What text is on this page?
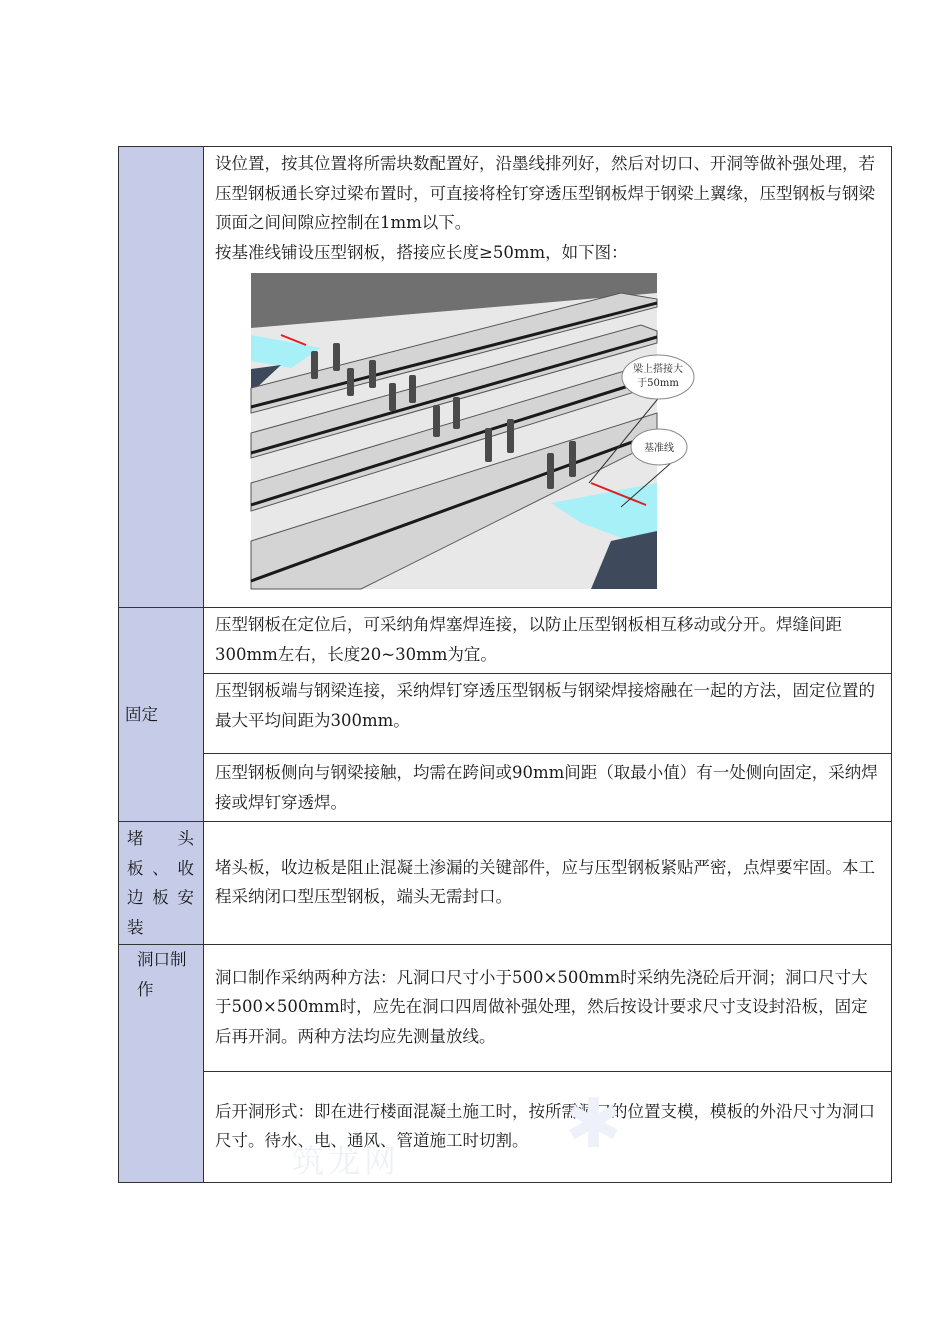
	设位置，按其位置将所需块数配置好，沿墨线排列好，然后对切口、开洞等做补强处理，若压型钢板通长穿过梁布置时，可直接将栓钉穿透压型钢板焊于钢梁上翼缘，压型钢板与钢梁顶面之间间隙应控制在1mm以下。

按基准线铺设压型钢板，搭接应长度≥50mm，如下图：

梁上搭接大
于50mm
基准线

固定	压型钢板在定位后，可采纳角焊塞焊连接，以防止压型钢板相互移动或分开。焊缝间距300mm左右，长度20~30mm为宜。
	压型钢板端与钢梁连接，采纳焊钉穿透压型钢板与钢梁焊接熔融在一起的方法，固定位置的最大平均间距为300mm。
	压型钢板侧向与钢梁接触，均需在跨间或90mm间距（取最小值）有一处侧向固定，采纳焊接或焊钉穿透焊。
堵头板、收边板安装	堵头板，收边板是阻止混凝土渗漏的关键部件，应与压型钢板紧贴严密，点焊要牢固。本工程采纳闭口型压型钢板，端头无需封口。
洞口制作	洞口制作采纳两种方法：凡洞口尺寸小于500×500mm时采纳先浇砼后开洞；洞口尺寸大于500×500mm时，应先在洞口四周做补强处理，然后按设计要求尺寸支设封沿板，固定后再开洞。两种方法均应先测量放线。
	后开洞形式：即在进行楼面混凝土施工时，按所需洞口的位置支模，模板的外沿尺寸为洞口尺寸。待水、电、通风、管道施工时切割。
筑龙网 ✱
